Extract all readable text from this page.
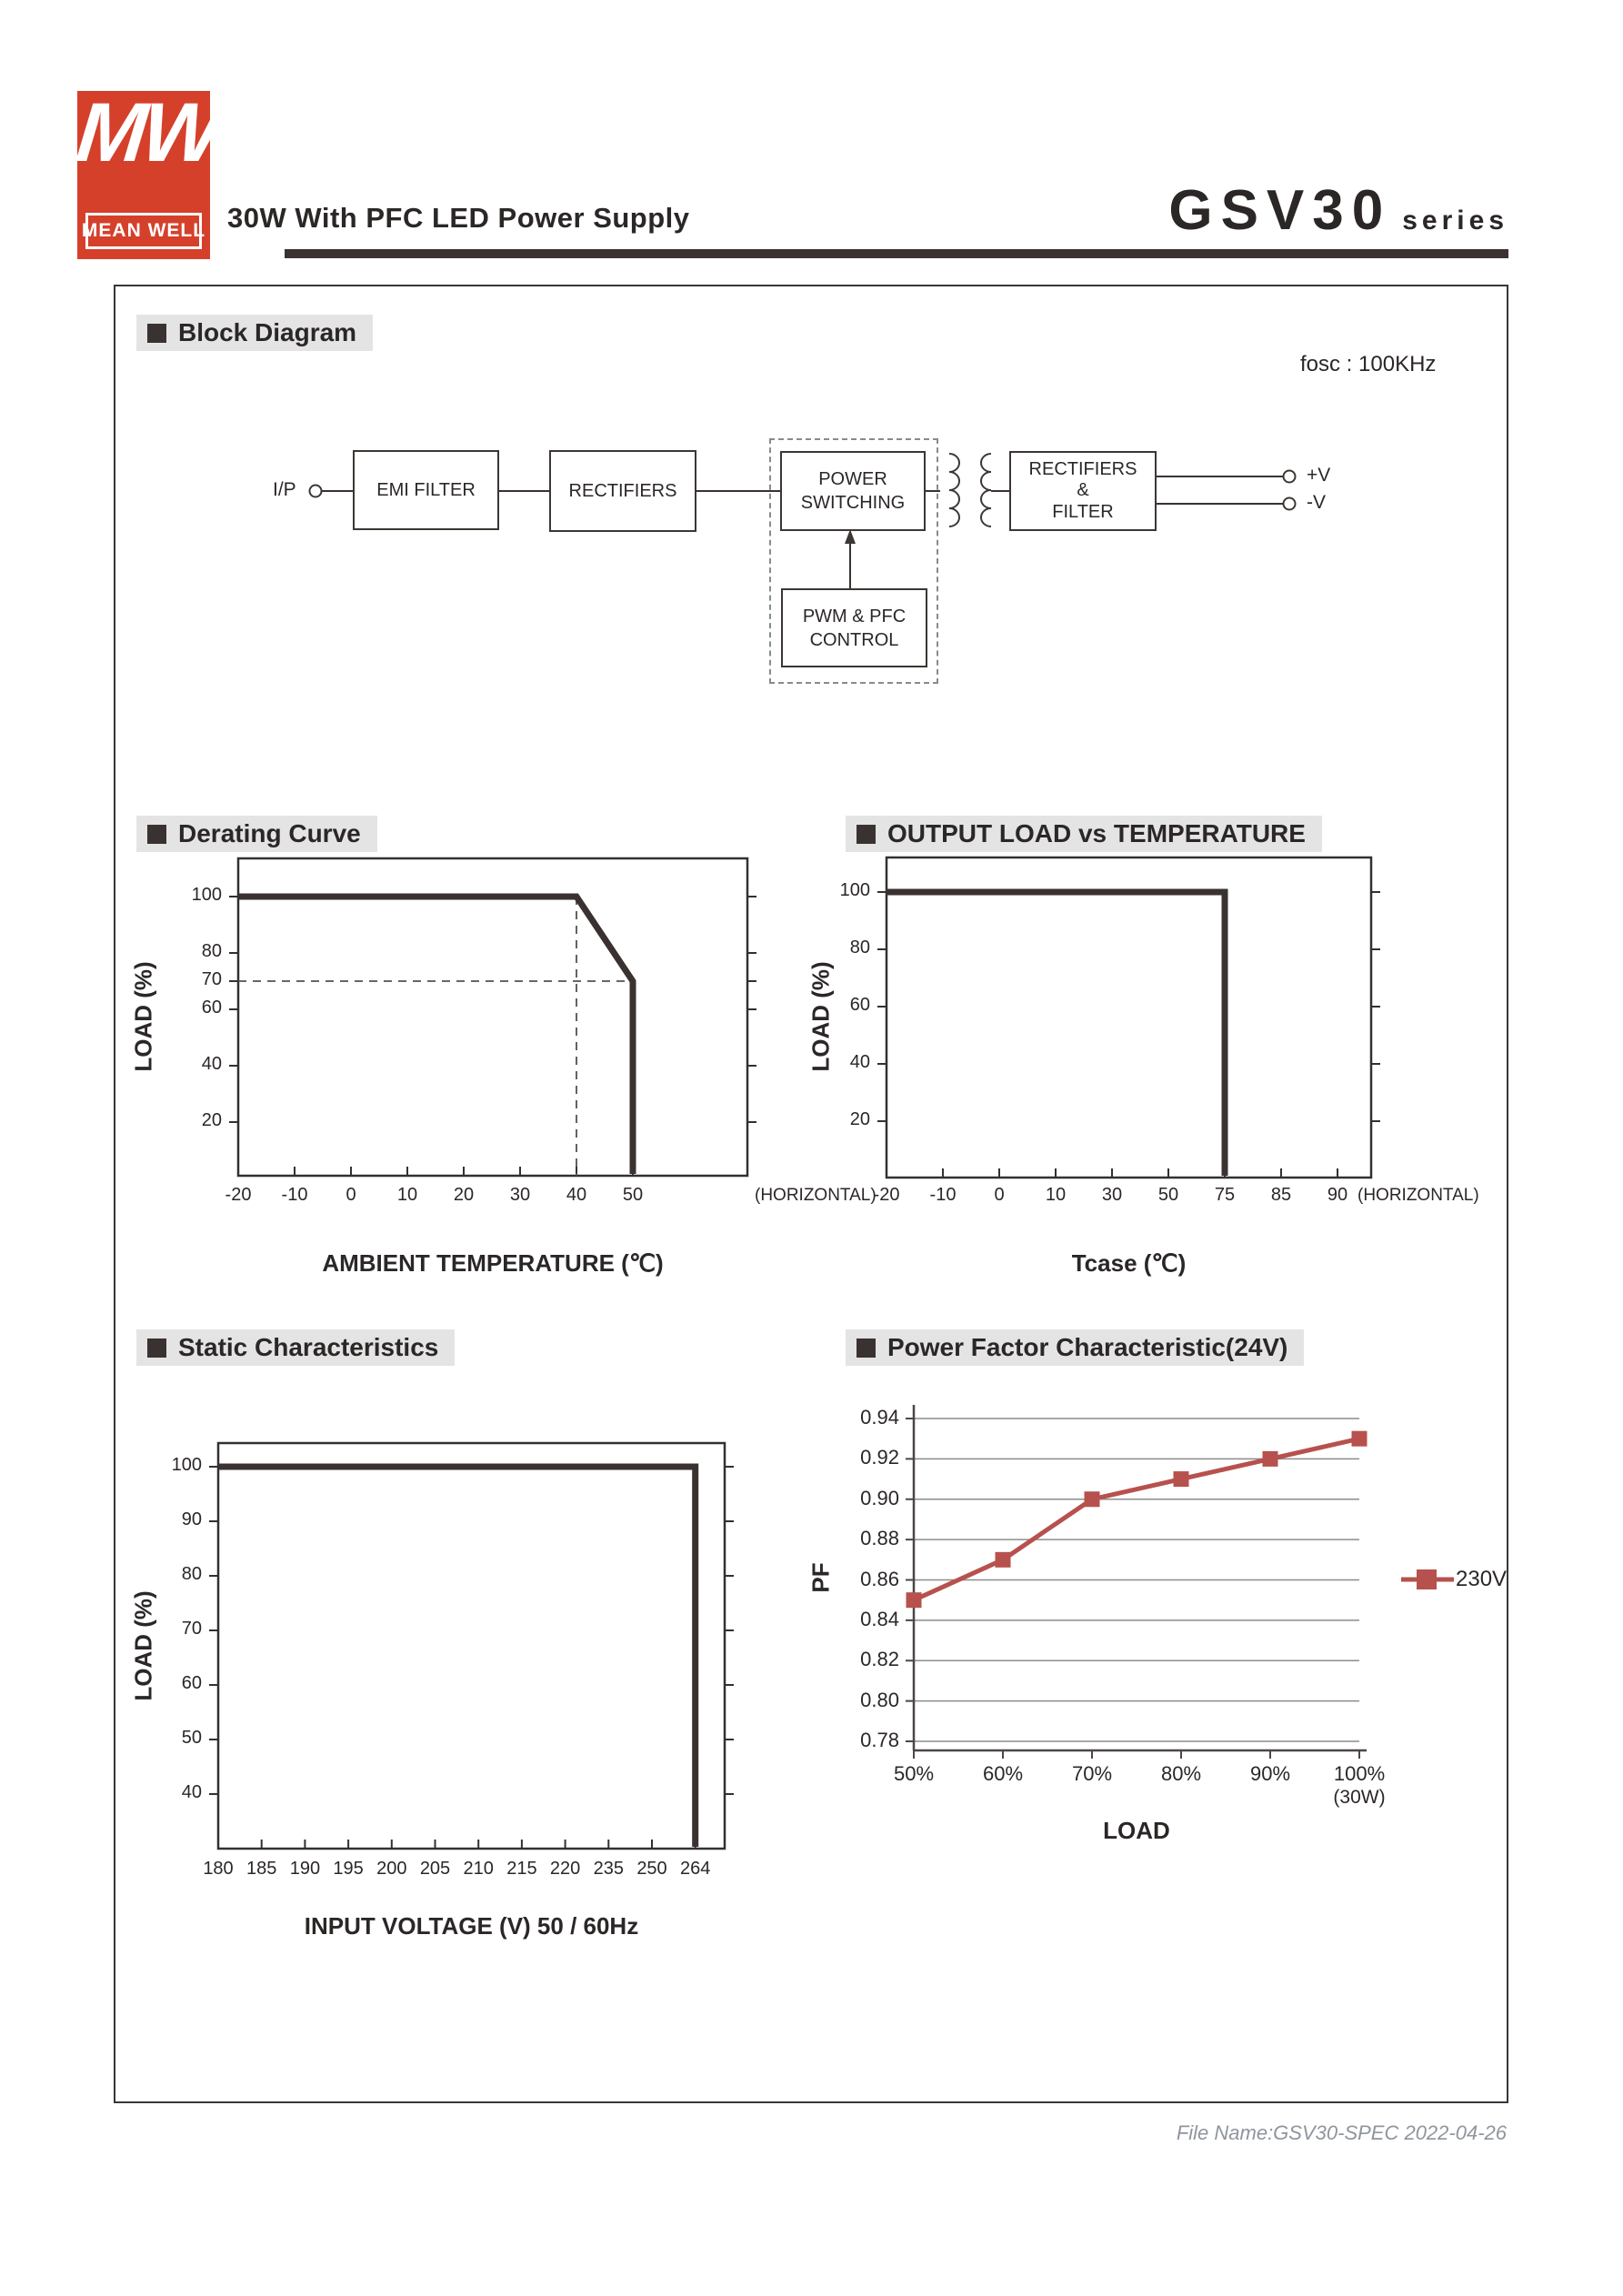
MW
MEAN WELL 30W With PFC LED Power Supply	GSV30 series
Block Diagram
Derating Curve	OUTPUT LOAD vs TEMPERATURE
Static Characteristics	Power Factor Characteristic(24V)
fosc : 100KHz
I/P	EMI FILTER	RECTIFIERS
POWER
SWITCHING
PWM & PFC
CONTROL
RECTIFIERS
&
FILTER
+V
-V
LOAD (%)
AMBIENT TEMPERATURE (℃)
(HORIZONTAL)
LOAD (%)
Tcase (℃)
(HORIZONTAL)
LOAD (%)
INPUT VOLTAGE (V) 50 / 60Hz
PF
LOAD
(30W)
230V
File Name:GSV30-SPEC 2022-04-26
20
40
60
70
80
100
-20	-10	0	10	20	30	40	50
20
40
60
80
100
-20	-10	0	10	30	50	75	85	90
40
50
60
70
80
90
100
180 185 190 195 200 205 210 215 220 235 250 264
0.94
0.92
0.90
0.88
0.86
0.84
0.82
0.80
0.78
50%	60%	70%	80%	90%	100%
